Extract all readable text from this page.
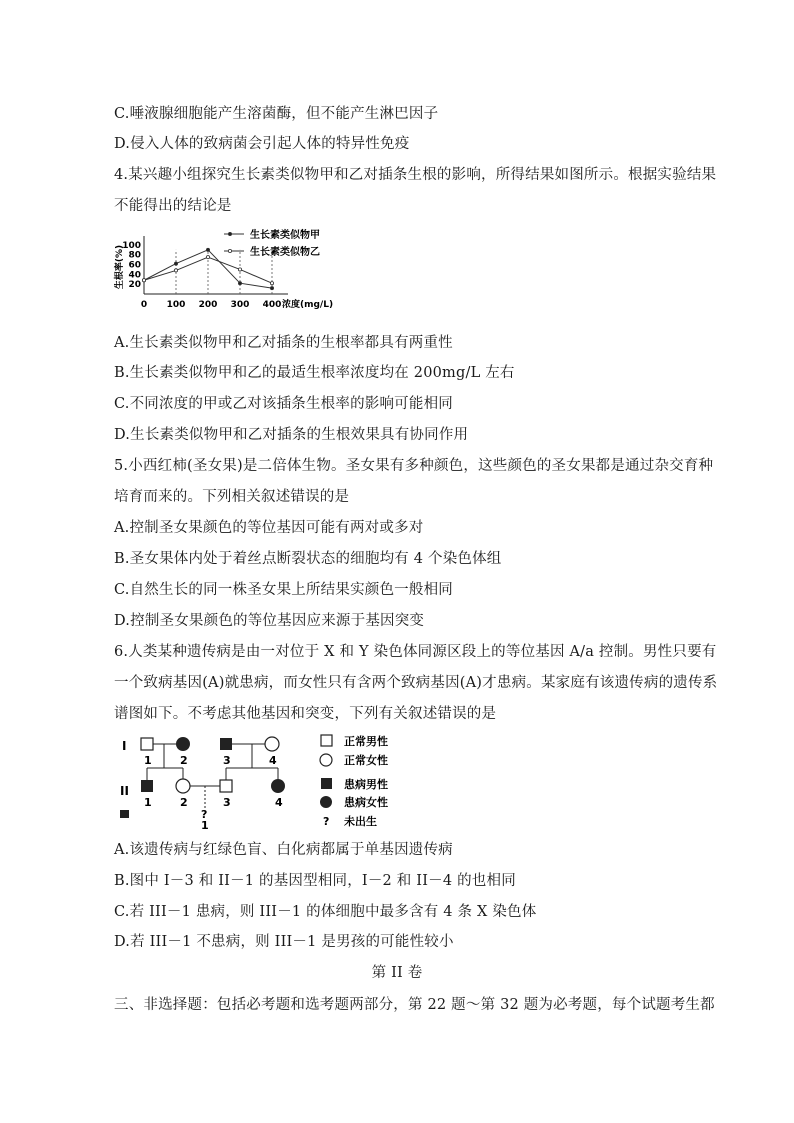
C.唾液腺细胞能产生溶菌酶，但不能产生淋巴因子
D.侵入人体的致病菌会引起人体的特异性免疫
4.某兴趣小组探究生长素类似物甲和乙对插条生根的影响，所得结果如图所示。根据实验结果
不能得出的结论是
生根率(%) 20
40
60
80
100
0 100 200 300 400 浓度(mg/L)
生长素类似物甲
生长素类似物乙
A.生长素类似物甲和乙对插条的生根率都具有两重性
B.生长素类似物甲和乙的最适生根率浓度均在 200mg/L 左右
C.不同浓度的甲或乙对该插条生根率的影响可能相同
D.生长素类似物甲和乙对插条的生根效果具有协同作用
5.小西红柿(圣女果)是二倍体生物。圣女果有多种颜色，这些颜色的圣女果都是通过杂交育种
培育而来的。下列相关叙述错误的是
A.控制圣女果颜色的等位基因可能有两对或多对
B.圣女果体内处于着丝点断裂状态的细胞均有 4 个染色体组
C.自然生长的同一株圣女果上所结果实颜色一般相同
D.控制圣女果颜色的等位基因应来源于基因突变
6.人类某种遗传病是由一对位于 X 和 Y 染色体同源区段上的等位基因 A/a 控制。男性只要有
一个致病基因(A)就患病，而女性只有含两个致病基因(A)才患病。某家庭有该遗传病的遗传系
谱图如下。不考虑其他基因和突变，下列有关叙述错误的是
I
II
1	2	3	4
1	2	3	4
?
1
正常男性
正常女性
患病男性
患病女性
? 未出生
A.该遗传病与红绿色盲、白化病都属于单基因遗传病
B.图中 I－3 和 II－1 的基因型相同，I－2 和 II－4 的也相同
C.若 III－1 患病，则 III－1 的体细胞中最多含有 4 条 X 染色体
D.若 III－1 不患病，则 III－1 是男孩的可能性较小
第 II 卷
三、非选择题：包括必考题和选考题两部分，第 22 题～第 32 题为必考题，每个试题考生都
